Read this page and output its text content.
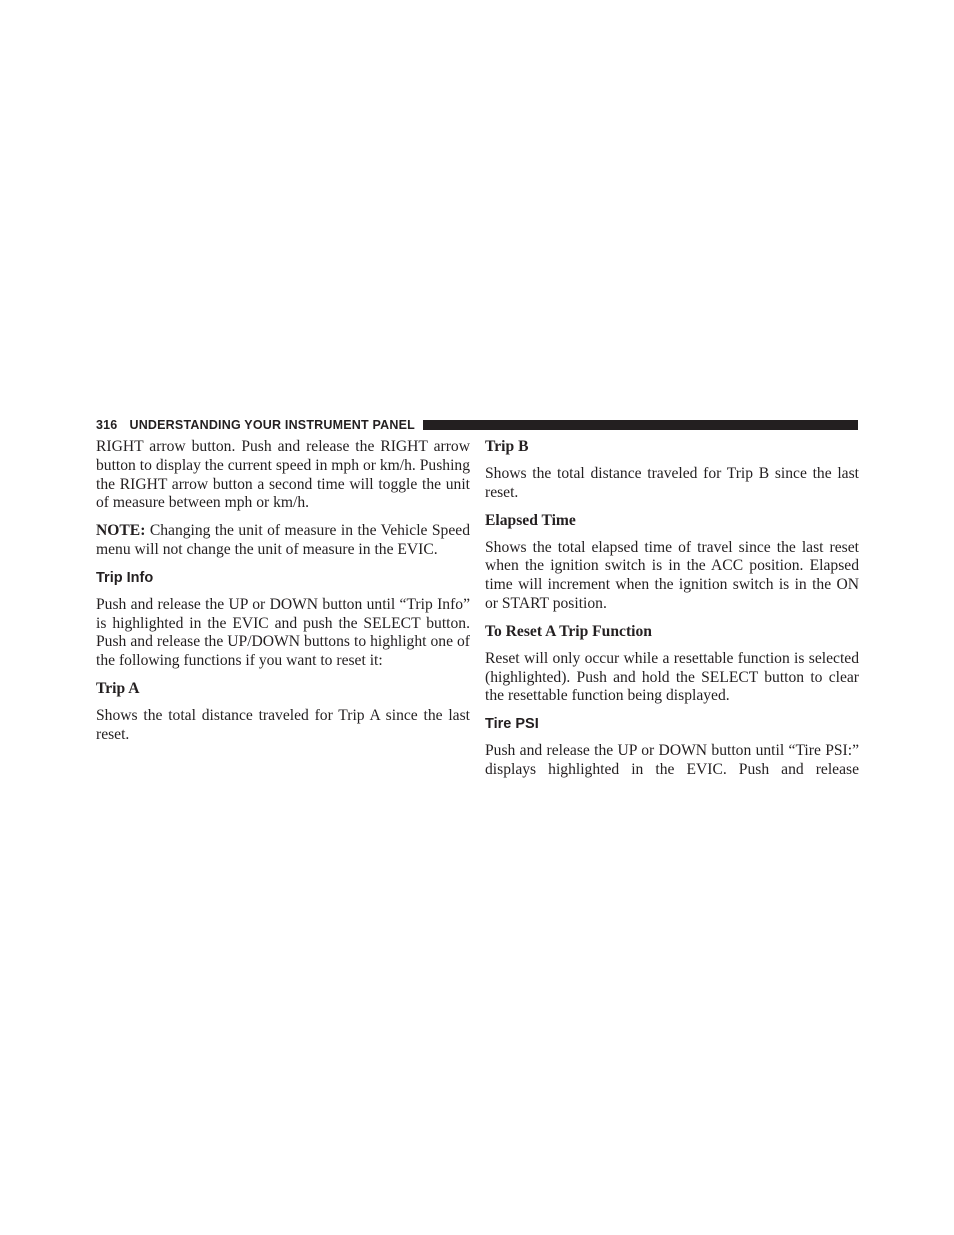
316 UNDERSTANDING YOUR INSTRUMENT PANEL

RIGHT arrow button. Push and release the RIGHT arrow button to display the current speed in mph or km/h. Pushing the RIGHT arrow button a second time will toggle the unit of measure between mph or km/h.

NOTE: Changing the unit of measure in the Vehicle Speed menu will not change the unit of measure in the EVIC.

Trip Info

Push and release the UP or DOWN button until “Trip Info” is highlighted in the EVIC and push the SELECT button. Push and release the UP/DOWN buttons to highlight one of the following functions if you want to reset it:

Trip A

Shows the total distance traveled for Trip A since the last reset.

Trip B

Shows the total distance traveled for Trip B since the last reset.

Elapsed Time

Shows the total elapsed time of travel since the last reset when the ignition switch is in the ACC position. Elapsed time will increment when the ignition switch is in the ON or START position.

To Reset A Trip Function

Reset will only occur while a resettable function is selected (highlighted). Push and hold the SELECT button to clear the resettable function being displayed.

Tire PSI

Push and release the UP or DOWN button until “Tire PSI:” displays highlighted in the EVIC. Push and release
